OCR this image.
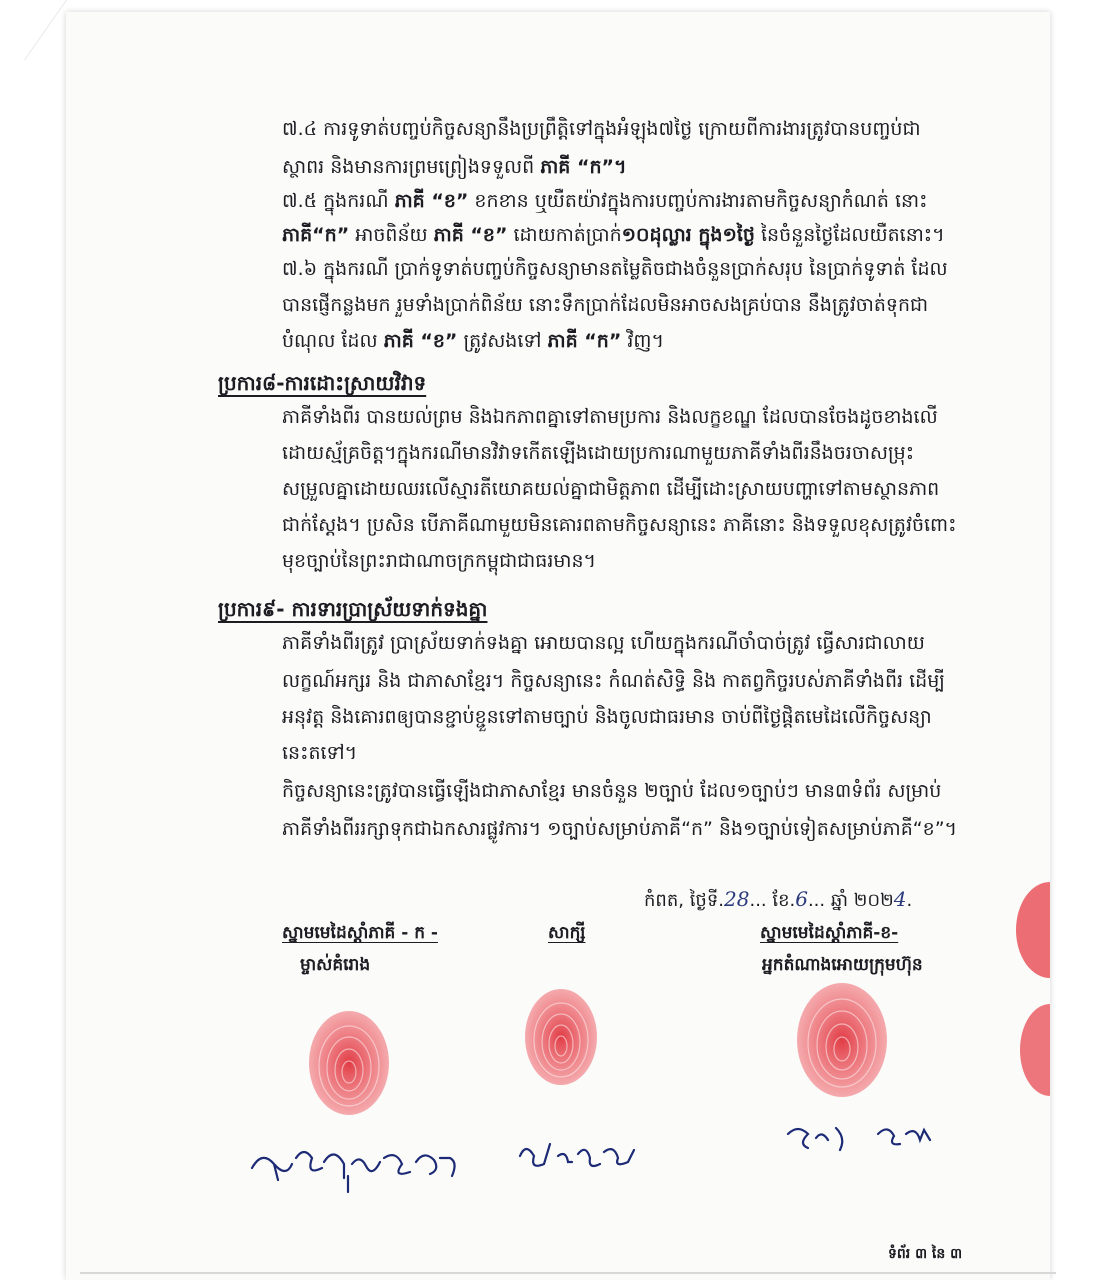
៧.៤ ការទូទាត់បញ្ចប់កិច្ចសន្យានឹងប្រព្រឹត្តិទៅក្នុងអំឡុង៧ថ្ងៃ ក្រោយពីការងារត្រូវបានបញ្ចប់ជា
ស្ថាពរ និងមានការព្រមព្រៀងទទួលពី ភាគី “ក”។
៧.៥ ក្នុងករណី ភាគី “ខ” ខកខាន ឬយឺតយ៉ាវក្នុងការបញ្ចប់ការងារតាមកិច្ចសន្យាកំណត់ នោះ
ភាគី“ក” អាចពិន័យ ភាគី “ខ” ដោយកាត់ប្រាក់១០ដុល្លារ ក្នុង១ថ្ងៃ នៃចំនួនថ្ងៃដែលយឺតនោះ។
៧.៦ ក្នុងករណី ប្រាក់ទូទាត់បញ្ចប់កិច្ចសន្យាមានតម្លៃតិចជាងចំនួនប្រាក់សរុប នៃប្រាក់ទូទាត់ ដែល
បានផ្ញើកន្លងមក រួមទាំងប្រាក់ពិន័យ នោះទឹកប្រាក់ដែលមិនអាចសងគ្រប់បាន នឹងត្រូវចាត់ទុកជា
បំណុល ដែល ភាគី “ខ” ត្រូវសងទៅ ភាគី “ក” វិញ។
ប្រការ៨-ការដោះស្រាយវិវាទ
ភាគីទាំងពីរ បានយល់ព្រម និងឯកភាពគ្នាទៅតាមប្រការ និងលក្ខខណ្ឌ ដែលបានចែងដូចខាងលើ
ដោយស្ម័គ្រចិត្ត។ក្នុងករណីមានវិវាទកើតឡើងដោយប្រការណាមួយភាគីទាំងពីរនឹងចរចាសម្រុះ
សម្រួលគ្នាដោយឈរលើស្មារតីយោគយល់គ្នាជាមិត្តភាព ដើម្បីដោះស្រាយបញ្ហាទៅតាមស្ថានភាព
ជាក់ស្តែង។ ប្រសិន បើភាគីណាមួយមិនគោរពតាមកិច្ចសន្យានេះ ភាគីនោះ និងទទួលខុសត្រូវចំពោះ
មុខច្បាប់នៃព្រះរាជាណាចក្រកម្ពុជាជាធរមាន។
ប្រការ៩- ការទារប្រាស្រ័យទាក់ទងគ្នា
ភាគីទាំងពីរត្រូវ ប្រាស្រ័យទាក់ទងគ្នា អោយបានល្អ ហើយក្នុងករណីចាំបាច់ត្រូវ ធ្វើសារជាលាយ
លក្ខណ៍អក្សរ និង ជាភាសាខ្មែរ។ កិច្ចសន្យានេះ កំណត់សិទ្ធិ និង កាតព្វកិច្ចរបស់ភាគីទាំងពីរ ដើម្បី
អនុវត្ត និងគោរពឲ្យបានខ្ជាប់ខ្ជួនទៅតាមច្បាប់ និងចូលជាធរមាន ចាប់ពីថ្ងៃផ្តិតមេដៃលើកិច្ចសន្យា
នេះតទៅ។
កិច្ចសន្យានេះត្រូវបានធ្វើឡើងជាភាសាខ្មែរ មានចំនួន ២ច្បាប់ ដែល១ច្បាប់ៗ មាន៣ទំព័រ សម្រាប់
ភាគីទាំងពីររក្សាទុកជាឯកសារផ្លូវការ។ ១ច្បាប់សម្រាប់ភាគី“ក” និង១ច្បាប់ទៀតសម្រាប់ភាគី“ខ”។
កំពត, ថ្ងៃទី.28... ខែ.6... ឆ្នាំ ២០២4.
ស្នាមមេដៃស្ដាំភាគី - ក -
ម្ចាស់គំរោង
សាក្សី	ស្នាមមេដៃស្ដាំភាគី-ខ-
អ្នកតំណាងអោយក្រុមហ៊ុន
ទំព័រ ៣ នៃ ៣
